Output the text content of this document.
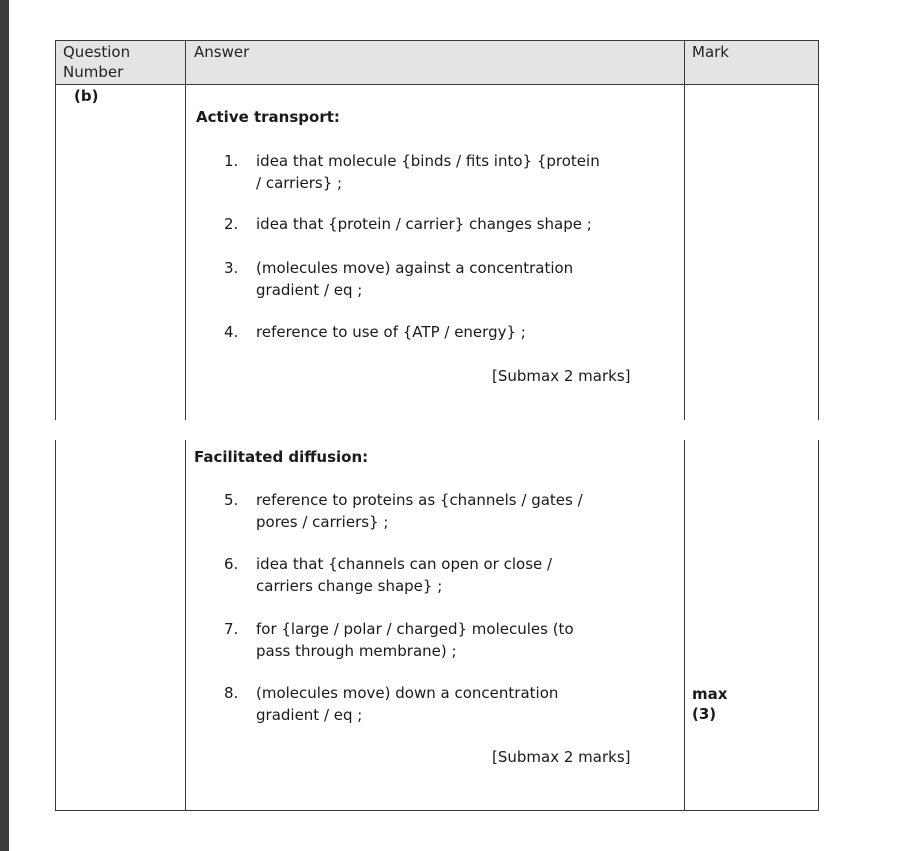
Question
Number
Answer	Mark
(b)
Active transport:
1. idea that molecule {binds / fits into} {protein
/ carriers} ;
2. idea that {protein / carrier} changes shape ;
3. (molecules move) against a concentration
gradient / eq ;
4. reference to use of {ATP / energy} ;
[Submax 2 marks]
Facilitated diffusion:
5. reference to proteins as {channels / gates /
pores / carriers} ;
6. idea that {channels can open or close /
carriers change shape} ;
7. for {large / polar / charged} molecules (to
pass through membrane) ;
8. (molecules move) down a concentration
gradient / eq ;
[Submax 2 marks]
max
(3)
